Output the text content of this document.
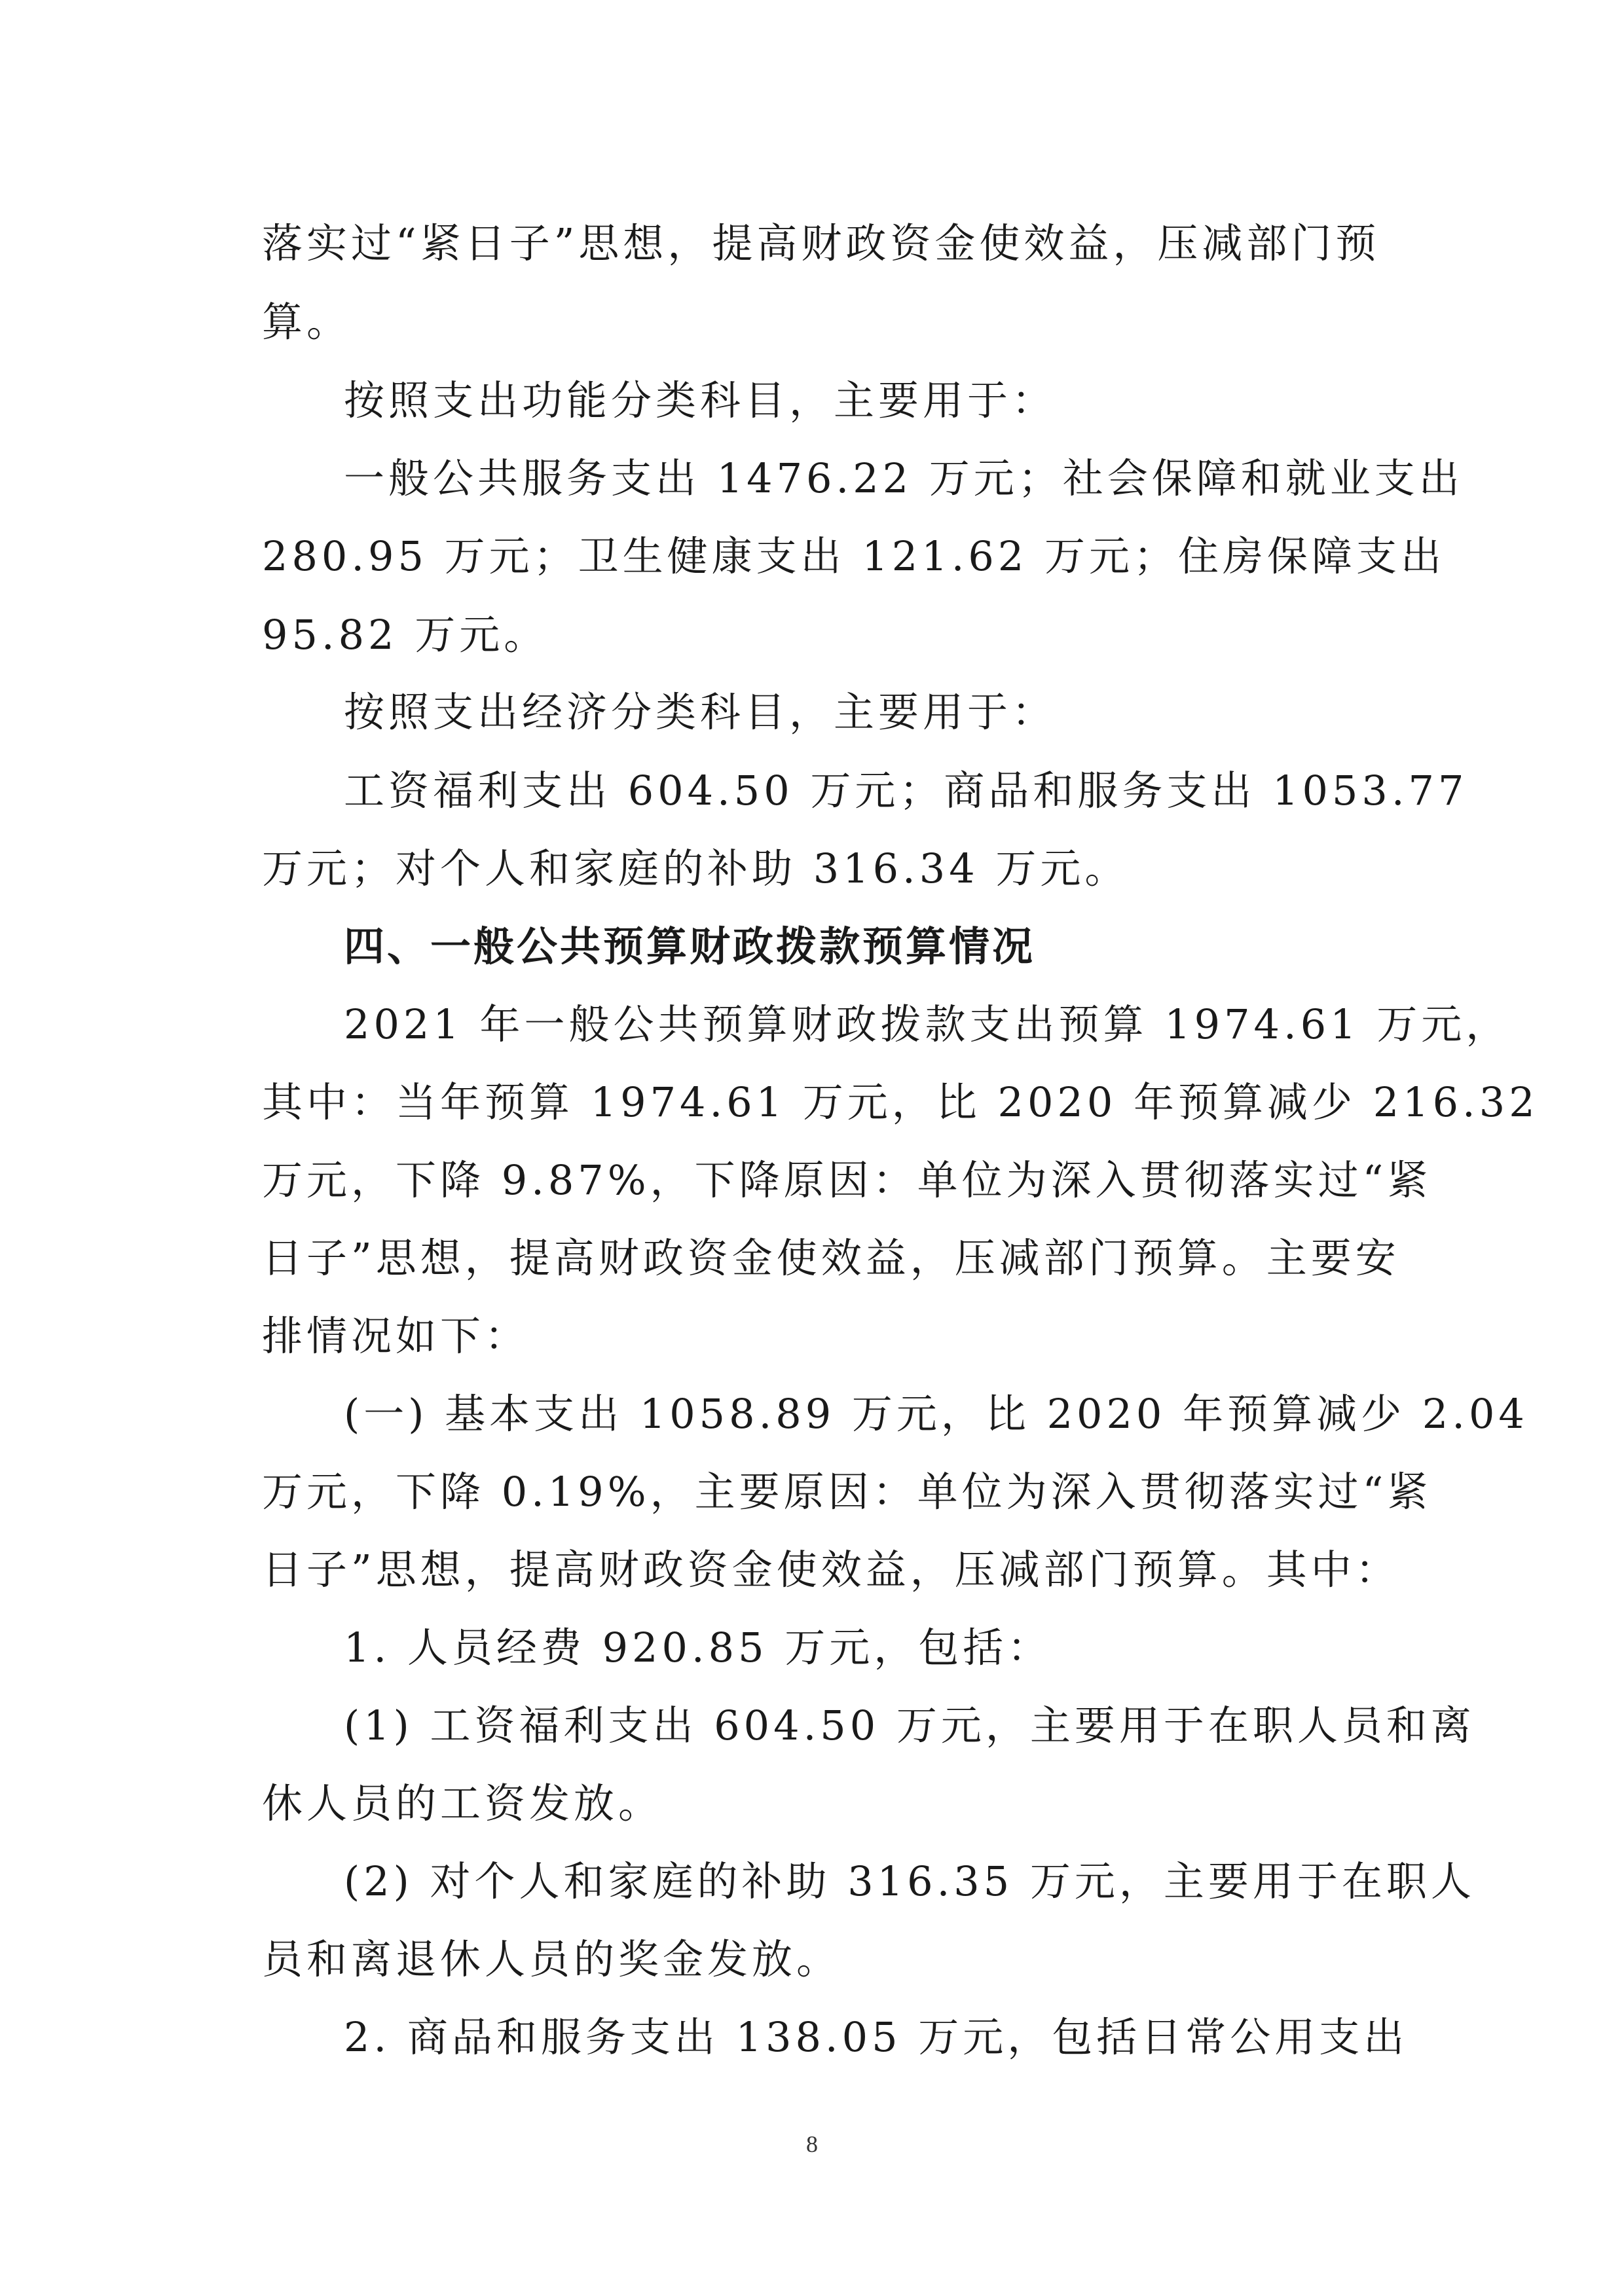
落实过“紧日子”思想，提高财政资金使效益，压减部门预
算。
按照支出功能分类科目，主要用于：
一般公共服务支出 1476.22 万元；社会保障和就业支出
280.95 万元；卫生健康支出 121.62 万元；住房保障支出
95.82 万元。
按照支出经济分类科目，主要用于：
工资福利支出 604.50 万元；商品和服务支出 1053.77
万元；对个人和家庭的补助 316.34 万元。
四、一般公共预算财政拨款预算情况
2021 年一般公共预算财政拨款支出预算 1974.61 万元，
其中：当年预算 1974.61 万元，比 2020 年预算减少 216.32
万元，下降 9.87%，下降原因：单位为深入贯彻落实过“紧
日子”思想，提高财政资金使效益，压减部门预算。主要安
排情况如下：
(一) 基本支出 1058.89 万元，比 2020 年预算减少 2.04
万元，下降 0.19%，主要原因：单位为深入贯彻落实过“紧
日子”思想，提高财政资金使效益，压减部门预算。其中：
1. 人员经费 920.85 万元，包括：
(1) 工资福利支出 604.50 万元，主要用于在职人员和离
休人员的工资发放。
(2) 对个人和家庭的补助 316.35 万元，主要用于在职人
员和离退休人员的奖金发放。
2. 商品和服务支出 138.05 万元，包括日常公用支出
8
